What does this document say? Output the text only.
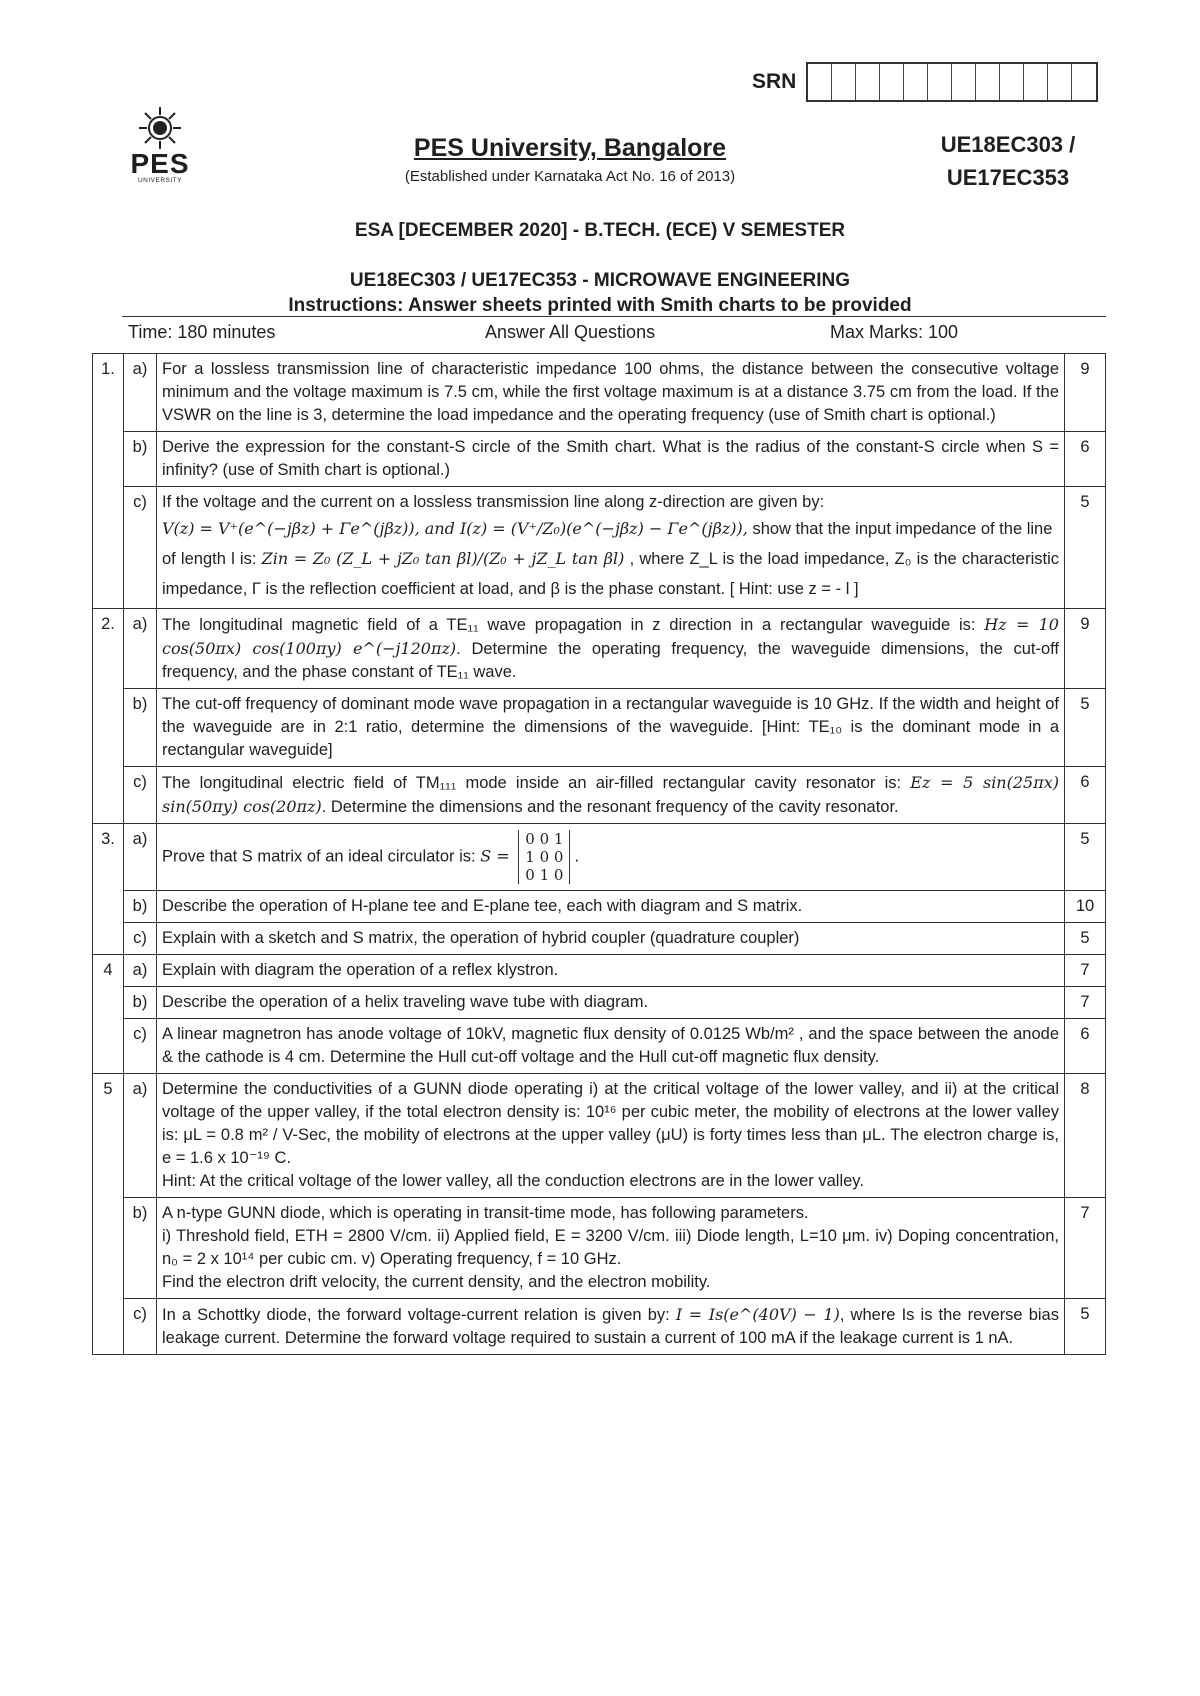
SRN
PES
UNIVERSITY
PES University, Bangalore
(Established under Karnataka Act No. 16 of 2013)
UE18EC303 /
UE17EC353
ESA [DECEMBER 2020] - B.TECH. (ECE) V SEMESTER
UE18EC303 / UE17EC353 - MICROWAVE ENGINEERING
Instructions: Answer sheets printed with Smith charts to be provided
Time: 180 minutes	Answer All Questions	Max Marks: 100
1.	a)	For a lossless transmission line of characteristic impedance 100 ohms, the distance between the consecutive voltage minimum and the voltage maximum is 7.5 cm, while the first voltage maximum is at a distance 3.75 cm from the load. If the VSWR on the line is 3, determine the load impedance and the operating frequency (use of Smith chart is optional.)	9
	b)	Derive the expression for the constant-S circle of the Smith chart. What is the radius of the constant-S circle when S = infinity? (use of Smith chart is optional.)	6
	c)	If the voltage and the current on a lossless transmission line along z-direction are given by:
V(z) = V⁺(e^(−jβz) + Γe^(jβz)), and I(z) = (V⁺/Z₀)(e^(−jβz) − Γe^(jβz)), show that the input impedance of the line
of length l is: Zin = Z₀ (Z_L + jZ₀ tan βl)/(Z₀ + jZ_L tan βl) , where Z_L is the load impedance, Z₀ is the characteristic impedance, Γ is the reflection coefficient at load, and β is the phase constant. [ Hint: use z = - l ]	5
2.	a)	The longitudinal magnetic field of a TE₁₁ wave propagation in z direction in a rectangular waveguide is: Hz = 10 cos(50πx) cos(100πy) e^(−j120πz). Determine the operating frequency, the waveguide dimensions, the cut-off frequency, and the phase constant of TE₁₁ wave.	9
	b)	The cut-off frequency of dominant mode wave propagation in a rectangular waveguide is 10 GHz. If the width and height of the waveguide are in 2:1 ratio, determine the dimensions of the waveguide. [Hint: TE₁₀ is the dominant mode in a rectangular waveguide]	5
	c)	The longitudinal electric field of TM₁₁₁ mode inside an air-filled rectangular cavity resonator is: Ez = 5 sin(25πx) sin(50πy) cos(20πz). Determine the dimensions and the resonant frequency of the cavity resonator.	6
3.	a)	Prove that S matrix of an ideal circulator is: S =
0 0 1
1 0 0
0 1 0
.	5
	b)	Describe the operation of H-plane tee and E-plane tee, each with diagram and S matrix.	10
	c)	Explain with a sketch and S matrix, the operation of hybrid coupler (quadrature coupler)	5
4	a)	Explain with diagram the operation of a reflex klystron.	7
	b)	Describe the operation of a helix traveling wave tube with diagram.	7
	c)	A linear magnetron has anode voltage of 10kV, magnetic flux density of 0.0125 Wb/m² , and the space between the anode & the cathode is 4 cm. Determine the Hull cut-off voltage and the Hull cut-off magnetic flux density.	6
5	a)	Determine the conductivities of a GUNN diode operating i) at the critical voltage of the lower valley, and ii) at the critical voltage of the upper valley, if the total electron density is: 10¹⁶ per cubic meter, the mobility of electrons at the lower valley is: μL = 0.8 m² / V-Sec, the mobility of electrons at the upper valley (μU) is forty times less than μL. The electron charge is, e = 1.6 x 10⁻¹⁹ C.
Hint: At the critical voltage of the lower valley, all the conduction electrons are in the lower valley.	8
	b)	A n-type GUNN diode, which is operating in transit-time mode, has following parameters.
i) Threshold field, ETH = 2800 V/cm. ii) Applied field, E = 3200 V/cm. iii) Diode length, L=10 μm. iv) Doping concentration, n₀ = 2 x 10¹⁴ per cubic cm. v) Operating frequency, f = 10 GHz.
Find the electron drift velocity, the current density, and the electron mobility.	7
	c)	In a Schottky diode, the forward voltage-current relation is given by: I = Is(e^(40V) − 1), where Is is the reverse bias leakage current. Determine the forward voltage required to sustain a current of 100 mA if the leakage current is 1 nA.	5
